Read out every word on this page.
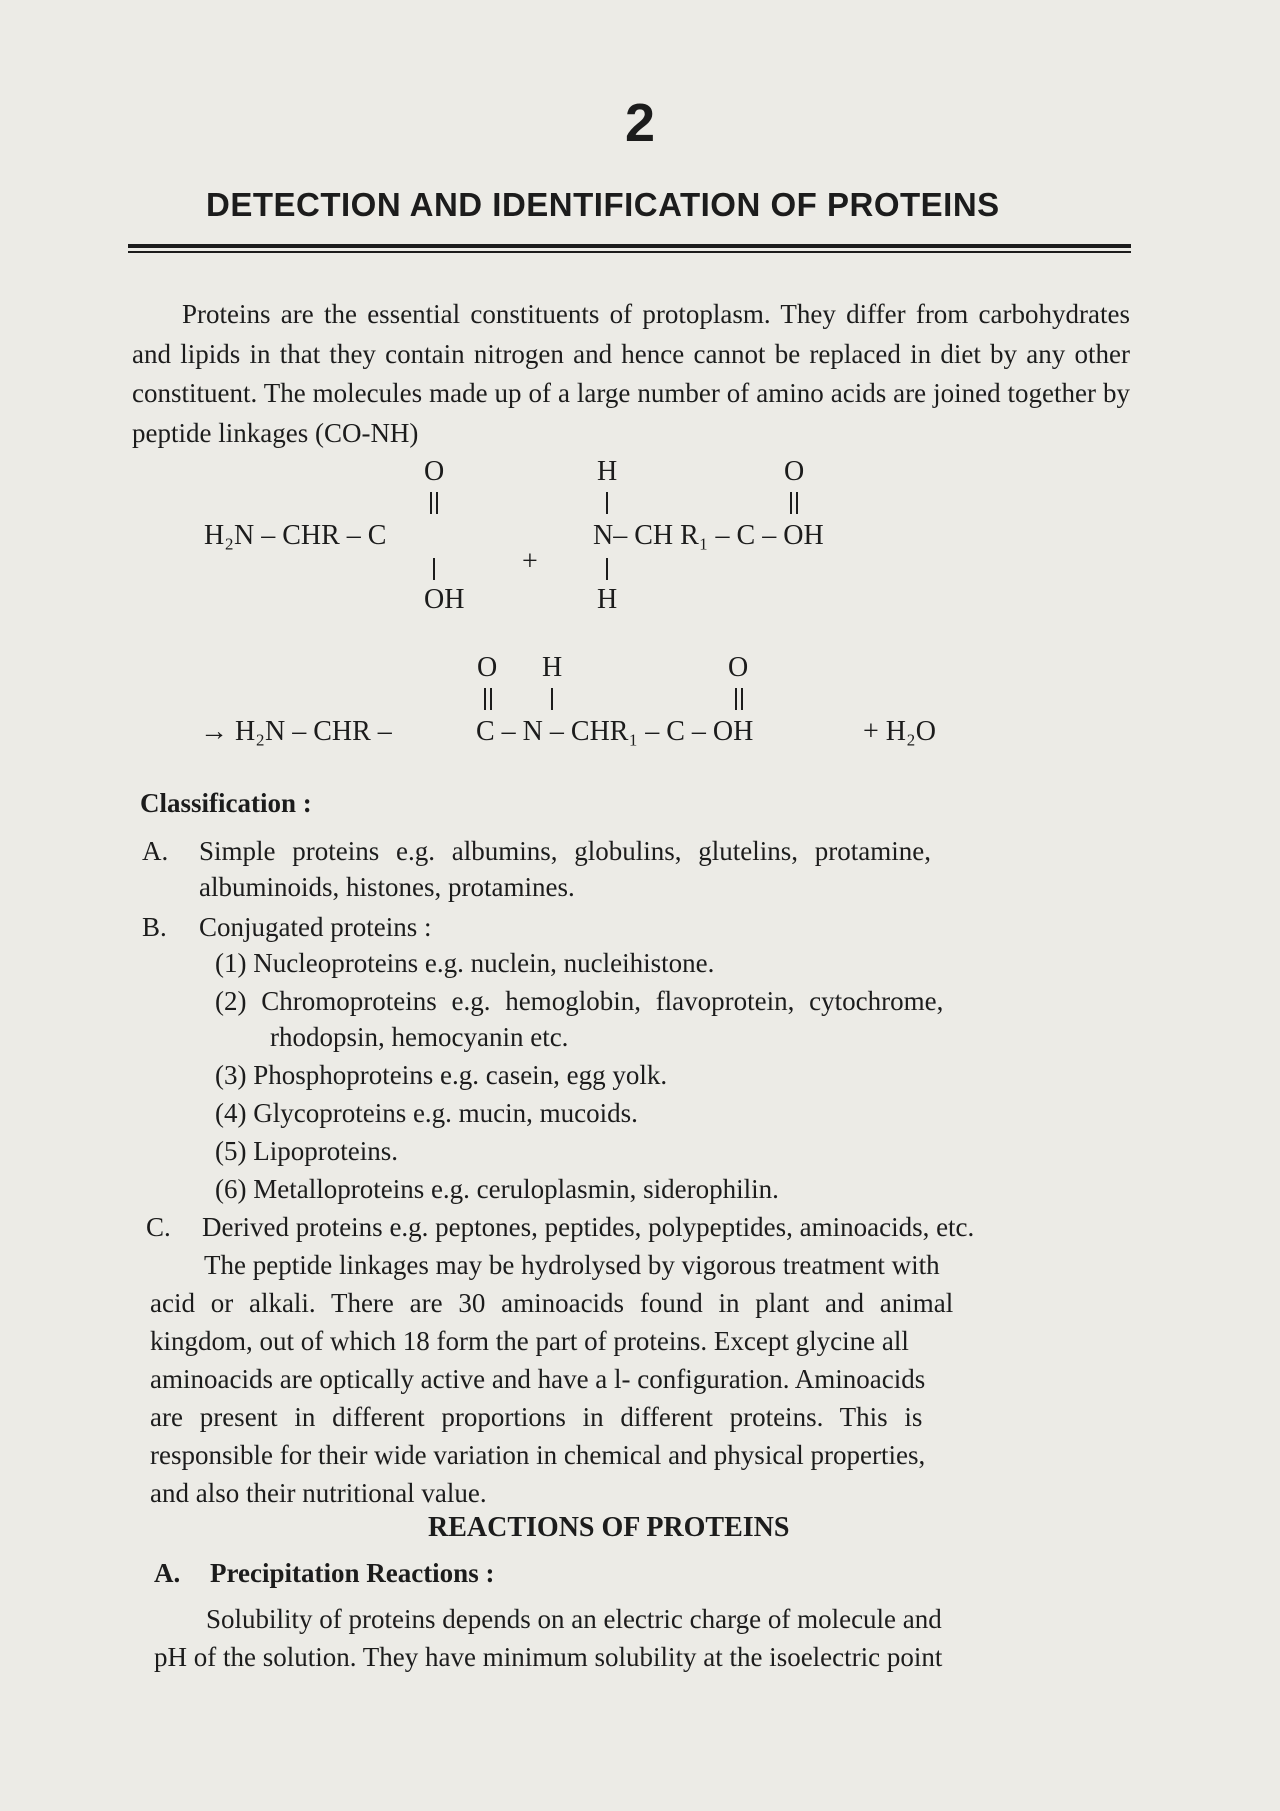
2
DETECTION AND IDENTIFICATION OF PROTEINS
Proteins are the essential constituents of protoplasm. They differ from carbohydrates and lipids in that they contain nitrogen and hence cannot be replaced in diet by any other constituent. The molecules made up of a large number of amino acids are joined together by peptide linkages (CO-NH)
O
H₂N – CHR – C
OH
+
H
N– CH R₁ – C – OH
H
O
O H	O
→ H₂N – CHR –	C – N – CHR₁ – C – OH	+ H₂O
Classification :
A. Simple proteins e.g. albumins, globulins, glutelins, protamine,
albuminoids, histones, protamines.
B. Conjugated proteins :
(1) Nucleoproteins e.g. nuclein, nucleihistone.
(2) Chromoproteins e.g. hemoglobin, flavoprotein, cytochrome,
rhodopsin, hemocyanin etc.
(3) Phosphoproteins e.g. casein, egg yolk.
(4) Glycoproteins e.g. mucin, mucoids.
(5) Lipoproteins.
(6) Metalloproteins e.g. ceruloplasmin, siderophilin.
C. Derived proteins e.g. peptones, peptides, polypeptides, aminoacids, etc.
The peptide linkages may be hydrolysed by vigorous treatment with
acid or alkali. There are 30 aminoacids found in plant and animal
kingdom, out of which 18 form the part of proteins. Except glycine all
aminoacids are optically active and have a l- configuration. Aminoacids
are present in different proportions in different proteins. This is
responsible for their wide variation in chemical and physical properties,
and also their nutritional value.
REACTIONS OF PROTEINS
A. Precipitation Reactions :
Solubility of proteins depends on an electric charge of molecule and
pH of the solution. They have minimum solubility at the isoelectric point
